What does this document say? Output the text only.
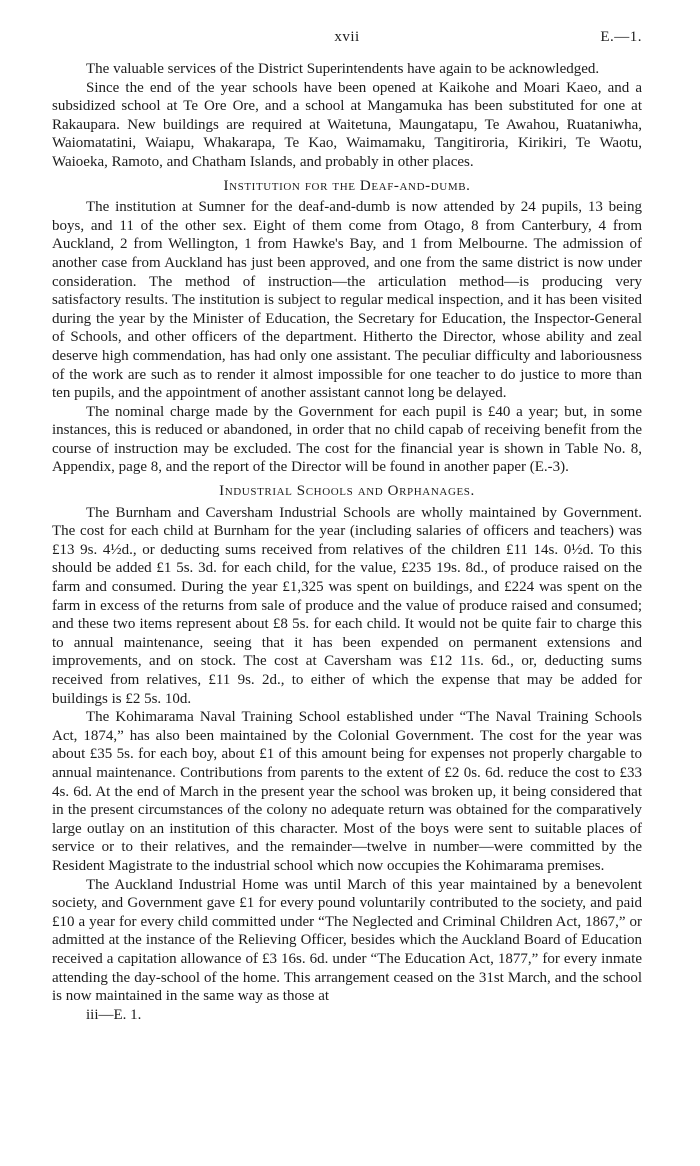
xvii	E.—1.

The valuable services of the District Superintendents have again to be acknowledged.

Since the end of the year schools have been opened at Kaikohe and Moari Kaeo, and a subsidized school at Te Ore Ore, and a school at Mangamuka has been substituted for one at Rakaupara. New buildings are required at Waitetuna, Maungatapu, Te Awahou, Ruataniwha, Waiomatatini, Waiapu, Whakarapa, Te Kao, Waimamaku, Tangitiroria, Kirikiri, Te Waotu, Waioeka, Ramoto, and Chatham Islands, and probably in other places.

Institution for the Deaf-and-dumb.

The institution at Sumner for the deaf-and-dumb is now attended by 24 pupils, 13 being boys, and 11 of the other sex. Eight of them come from Otago, 8 from Canterbury, 4 from Auckland, 2 from Wellington, 1 from Hawke's Bay, and 1 from Melbourne. The admission of another case from Auckland has just been approved, and one from the same district is now under consideration. The method of instruction—the articulation method—is producing very satisfactory results. The institution is subject to regular medical inspection, and it has been visited during the year by the Minister of Education, the Secretary for Education, the Inspector-General of Schools, and other officers of the department. Hitherto the Director, whose ability and zeal deserve high commendation, has had only one assistant. The peculiar difficulty and laboriousness of the work are such as to render it almost impossible for one teacher to do justice to more than ten pupils, and the appointment of another assistant cannot long be delayed.

The nominal charge made by the Government for each pupil is £40 a year; but, in some instances, this is reduced or abandoned, in order that no child capab of receiving benefit from the course of instruction may be excluded. The cost for the financial year is shown in Table No. 8, Appendix, page 8, and the report of the Director will be found in another paper (E.-3).

Industrial Schools and Orphanages.

The Burnham and Caversham Industrial Schools are wholly maintained by Government. The cost for each child at Burnham for the year (including salaries of officers and teachers) was £13 9s. 4½d., or deducting sums received from relatives of the children £11 14s. 0½d. To this should be added £1 5s. 3d. for each child, for the value, £235 19s. 8d., of produce raised on the farm and consumed. During the year £1,325 was spent on buildings, and £224 was spent on the farm in excess of the returns from sale of produce and the value of produce raised and consumed; and these two items represent about £8 5s. for each child. It would not be quite fair to charge this to annual maintenance, seeing that it has been expended on permanent extensions and improvements, and on stock. The cost at Caversham was £12 11s. 6d., or, deducting sums received from relatives, £11 9s. 2d., to either of which the expense that may be added for buildings is £2 5s. 10d.

The Kohimarama Naval Training School established under “The Naval Training Schools Act, 1874,” has also been maintained by the Colonial Government. The cost for the year was about £35 5s. for each boy, about £1 of this amount being for expenses not properly chargable to annual maintenance. Contributions from parents to the extent of £2 0s. 6d. reduce the cost to £33 4s. 6d. At the end of March in the present year the school was broken up, it being considered that in the present circumstances of the colony no adequate return was obtained for the comparatively large outlay on an institution of this character. Most of the boys were sent to suitable places of service or to their relatives, and the remainder—twelve in number—were committed by the Resident Magistrate to the industrial school which now occupies the Kohimarama premises.

The Auckland Industrial Home was until March of this year maintained by a benevolent society, and Government gave £1 for every pound voluntarily contributed to the society, and paid £10 a year for every child committed under “The Neglected and Criminal Children Act, 1867,” or admitted at the instance of the Relieving Officer, besides which the Auckland Board of Education received a capitation allowance of £3 16s. 6d. under “The Education Act, 1877,” for every inmate attending the day-school of the home. This arrangement ceased on the 31st March, and the school is now maintained in the same way as those at

iii—E. 1.
